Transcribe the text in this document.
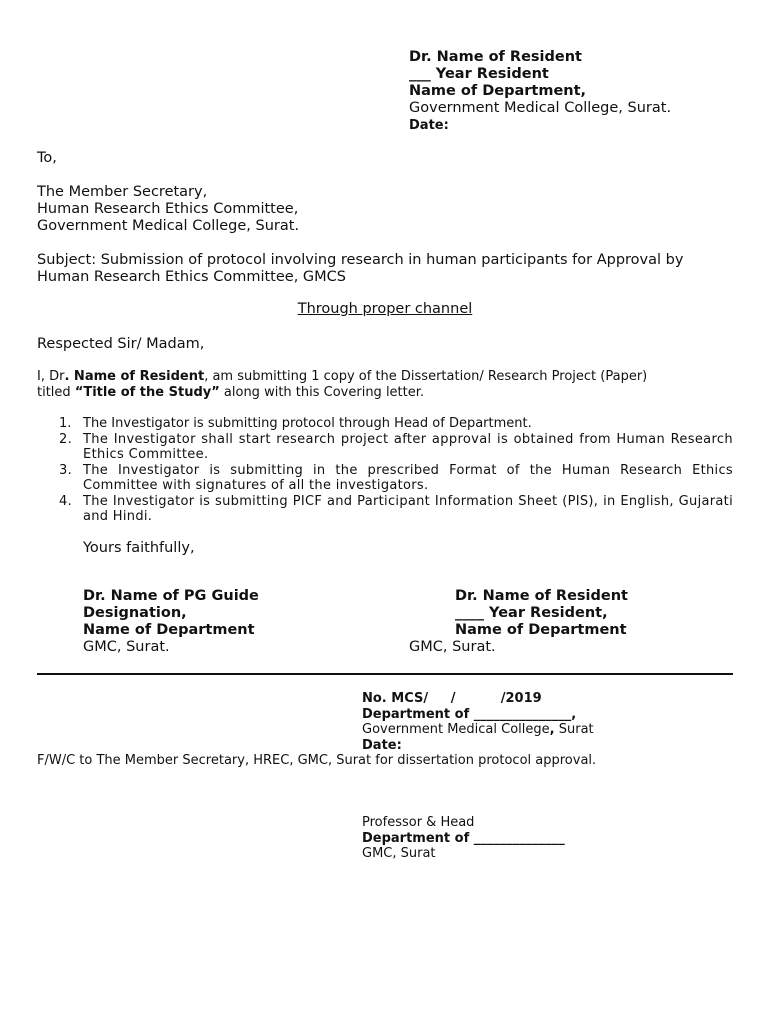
Dr. Name of Resident
___ Year Resident
Name of Department,
Government Medical College, Surat.
Date:
To,
The Member Secretary,
Human Research Ethics Committee,
Government Medical College, Surat.
Subject: Submission of protocol involving research in human participants for Approval by
Human Research Ethics Committee, GMCS
Through proper channel
Respected Sir/ Madam,
I, Dr. Name of Resident, am submitting 1 copy of the Dissertation/ Research Project (Paper)
titled “Title of the Study” along with this Covering letter.
1. The Investigator is submitting protocol through Head of Department.
2. The Investigator shall start research project after approval is obtained from Human Research Ethics Committee.
3. The Investigator is submitting in the prescribed Format of the Human Research Ethics Committee with signatures of all the investigators.
4. The Investigator is submitting PICF and Participant Information Sheet (PIS), in English, Gujarati and Hindi.
Yours faithfully,
Dr. Name of PG Guide
Designation,
Name of Department
GMC, Surat.
Dr. Name of Resident
____ Year Resident,
Name of Department
GMC, Surat.
No. MCS/     /          /2019
Department of _______________,
Government Medical College, Surat
Date:
F/W/C to The Member Secretary, HREC, GMC, Surat for dissertation protocol approval.
Professor & Head
Department of ______________
GMC, Surat
